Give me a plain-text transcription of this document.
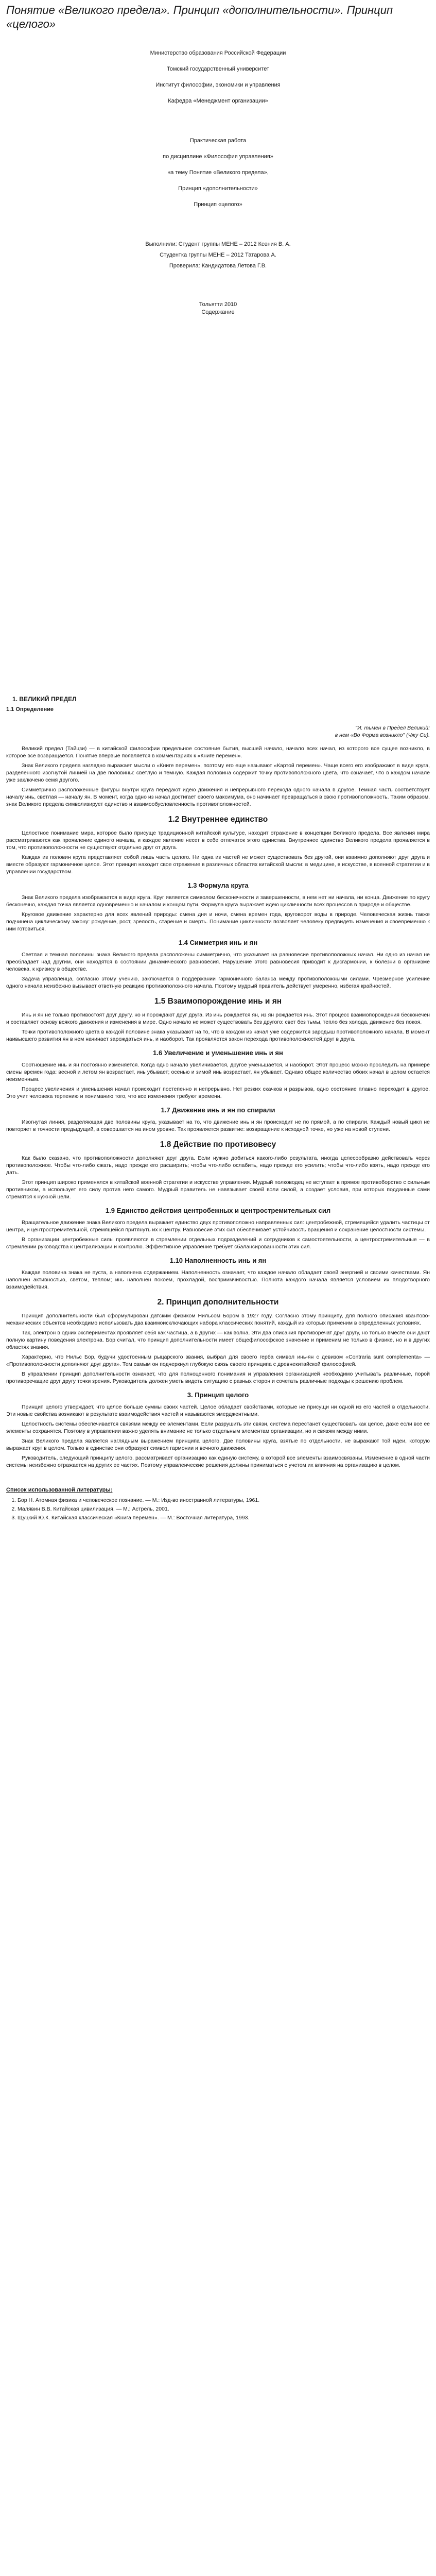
Понятие «Великого предела». Принцип «дополнительности». Принцип «целого»

Министерство образования Российской Федерации

Томский государственный университет

Институт философии, экономики и управления

Кафедра «Менеджмент организации»

Практическая работа

по дисциплине «Философия управления»

на тему Понятие «Великого предела»,

Принцип «дополнительности»

Принцип «целого»

Выполнили: Студент группы МЕНЕ – 2012 Ксения В. А.

Студентка группы МЕНЕ – 2012 Татарова А.

Проверила: Кандидатова Летова Г.В.

Тольятти 2010

Содержание

1. ВЕЛИКИЙ ПРЕДЕЛ
1.1 Определение
"И. тьмен в Предел Великий:
в нем «Во Форма возникло" (Чжу Си).

Великий предел (Тайцзи) — в китайской философии предельное состояние бытия, высшей начало, начало всех начал, из которого все сущее возникло, в которое все возвращается. Понятие впервые появляется в комментариях к «Книге перемен».

Знак Великого предела наглядно выражает мысли о «Книге перемен», поэтому его еще называют «Картой перемен». Чаще всего его изображают в виде круга, разделенного изогнутой линией на две половины: светлую и темную. Каждая половина содержит точку противоположного цвета, что означает, что в каждом начале уже заключено семя другого.

Симметрично расположенные фигуры внутри круга передают идею движения и непрерывного перехода одного начала в другое. Темная часть соответствует началу инь, светлая — началу ян. В момент, когда одно из начал достигает своего максимума, оно начинает превращаться в свою противоположность. Таким образом, знак Великого предела символизирует единство и взаимообусловленность противоположностей.

1.2 Внутреннее единство

Целостное понимание мира, которое было присуще традиционной китайской культуре, находит отражение в концепции Великого предела. Все явления мира рассматриваются как проявление единого начала, и каждое явление несет в себе отпечаток этого единства. Внутреннее единство Великого предела проявляется в том, что противоположности не существуют отдельно друг от друга.

Каждая из половин круга представляет собой лишь часть целого. Ни одна из частей не может существовать без другой, они взаимно дополняют друг друга и вместе образуют гармоничное целое. Этот принцип находит свое отражение в различных областях китайской мысли: в медицине, в искусстве, в военной стратегии и в управлении государством.

1.3 Формула круга

Знак Великого предела изображается в виде круга. Круг является символом бесконечности и завершенности, в нем нет ни начала, ни конца. Движение по кругу бесконечно, каждая точка является одновременно и началом и концом пути. Формула круга выражает идею цикличности всех процессов в природе и обществе.

Круговое движение характерно для всех явлений природы: смена дня и ночи, смена времен года, круговорот воды в природе. Человеческая жизнь также подчинена циклическому закону: рождение, рост, зрелость, старение и смерть. Понимание цикличности позволяет человеку предвидеть изменения и своевременно к ним готовиться.

1.4 Симметрия инь и ян

Светлая и темная половины знака Великого предела расположены симметрично, что указывает на равновесие противоположных начал. Ни одно из начал не преобладает над другим, они находятся в состоянии динамического равновесия. Нарушение этого равновесия приводит к дисгармонии, к болезни в организме человека, к кризису в обществе.

Задача управленца, согласно этому учению, заключается в поддержании гармоничного баланса между противоположными силами. Чрезмерное усиление одного начала неизбежно вызывает ответную реакцию противоположного начала. Поэтому мудрый правитель действует умеренно, избегая крайностей.

1.5 Взаимопорождение инь и ян

Инь и ян не только противостоят друг другу, но и порождают друг друга. Из инь рождается ян, из ян рождается инь. Этот процесс взаимопорождения бесконечен и составляет основу всякого движения и изменения в мире. Одно начало не может существовать без другого: свет без тьмы, тепло без холода, движение без покоя.

Точки противоположного цвета в каждой половине знака указывают на то, что в каждом из начал уже содержится зародыш противоположного начала. В момент наивысшего развития ян в нем начинает зарождаться инь, и наоборот. Так проявляется закон перехода противоположностей друг в друга.

1.6 Увеличение и уменьшение инь и ян

Соотношение инь и ян постоянно изменяется. Когда одно начало увеличивается, другое уменьшается, и наоборот. Этот процесс можно проследить на примере смены времен года: весной и летом ян возрастает, инь убывает; осенью и зимой инь возрастает, ян убывает. Однако общее количество обоих начал в целом остается неизменным.

Процесс увеличения и уменьшения начал происходит постепенно и непрерывно. Нет резких скачков и разрывов, одно состояние плавно переходит в другое. Это учит человека терпению и пониманию того, что все изменения требуют времени.

1.7 Движение инь и ян по спирали

Изогнутая линия, разделяющая две половины круга, указывает на то, что движение инь и ян происходит не по прямой, а по спирали. Каждый новый цикл не повторяет в точности предыдущий, а совершается на ином уровне. Так проявляется развитие: возвращение к исходной точке, но уже на новой ступени.

1.8 Действие по противовесу

Как было сказано, что противоположности дополняют друг друга. Если нужно добиться какого-либо результата, иногда целесообразно действовать через противоположное. Чтобы что-либо сжать, надо прежде его расширить; чтобы что-либо ослабить, надо прежде его усилить; чтобы что-либо взять, надо прежде его дать.

Этот принцип широко применялся в китайской военной стратегии и искусстве управления. Мудрый полководец не вступает в прямое противоборство с сильным противником, а использует его силу против него самого. Мудрый правитель не навязывает своей воли силой, а создает условия, при которых подданные сами стремятся к нужной цели.

1.9 Единство действия центробежных и центростремительных сил

Вращательное движение знака Великого предела выражает единство двух противоположно направленных сил: центробежной, стремящейся удалить частицы от центра, и центростремительной, стремящейся притянуть их к центру. Равновесие этих сил обеспечивает устойчивость вращения и сохранение целостности системы.

В организации центробежные силы проявляются в стремлении отдельных подразделений и сотрудников к самостоятельности, а центростремительные — в стремлении руководства к централизации и контролю. Эффективное управление требует сбалансированности этих сил.

1.10 Наполненность инь и ян

Каждая половина знака не пуста, а наполнена содержанием. Наполненность означает, что каждое начало обладает своей энергией и своими качествами. Ян наполнен активностью, светом, теплом; инь наполнен покоем, прохладой, восприимчивостью. Полнота каждого начала является условием их плодотворного взаимодействия.

2. Принцип дополнительности

Принцип дополнительности был сформулирован датским физиком Нильсом Бором в 1927 году. Согласно этому принципу, для полного описания квантово-механических объектов необходимо использовать два взаимоисключающих набора классических понятий, каждый из которых применим в определенных условиях.

Так, электрон в одних экспериментах проявляет себя как частица, а в других — как волна. Эти два описания противоречат друг другу, но только вместе они дают полную картину поведения электрона. Бор считал, что принцип дополнительности имеет общефилософское значение и применим не только в физике, но и в других областях знания.

Характерно, что Нильс Бор, будучи удостоенным рыцарского звания, выбрал для своего герба символ инь-ян с девизом «Contraria sunt complementa» — «Противоположности дополняют друг друга». Тем самым он подчеркнул глубокую связь своего принципа с древнекитайской философией.

В управлении принцип дополнительности означает, что для полноценного понимания и управления организацией необходимо учитывать различные, порой противоречащие друг другу точки зрения. Руководитель должен уметь видеть ситуацию с разных сторон и сочетать различные подходы к решению проблем.

3. Принцип целого

Принцип целого утверждает, что целое больше суммы своих частей. Целое обладает свойствами, которые не присущи ни одной из его частей в отдельности. Эти новые свойства возникают в результате взаимодействия частей и называются эмерджентными.

Целостность системы обеспечивается связями между ее элементами. Если разрушить эти связи, система перестанет существовать как целое, даже если все ее элементы сохранятся. Поэтому в управлении важно уделять внимание не только отдельным элементам организации, но и связям между ними.

Знак Великого предела является наглядным выражением принципа целого. Две половины круга, взятые по отдельности, не выражают той идеи, которую выражает круг в целом. Только в единстве они образуют символ гармонии и вечного движения.

Руководитель, следующий принципу целого, рассматривает организацию как единую систему, в которой все элементы взаимосвязаны. Изменение в одной части системы неизбежно отражается на других ее частях. Поэтому управленческие решения должны приниматься с учетом их влияния на организацию в целом.

Список использованной литературы:
1. Бор Н. Атомная физика и человеческое познание. — М.: Изд-во иностранной литературы, 1961.
2. Малявин В.В. Китайская цивилизация. — М.: Астрель, 2001.
3. Щуцкий Ю.К. Китайская классическая «Книга перемен». — М.: Восточная литература, 1993.
